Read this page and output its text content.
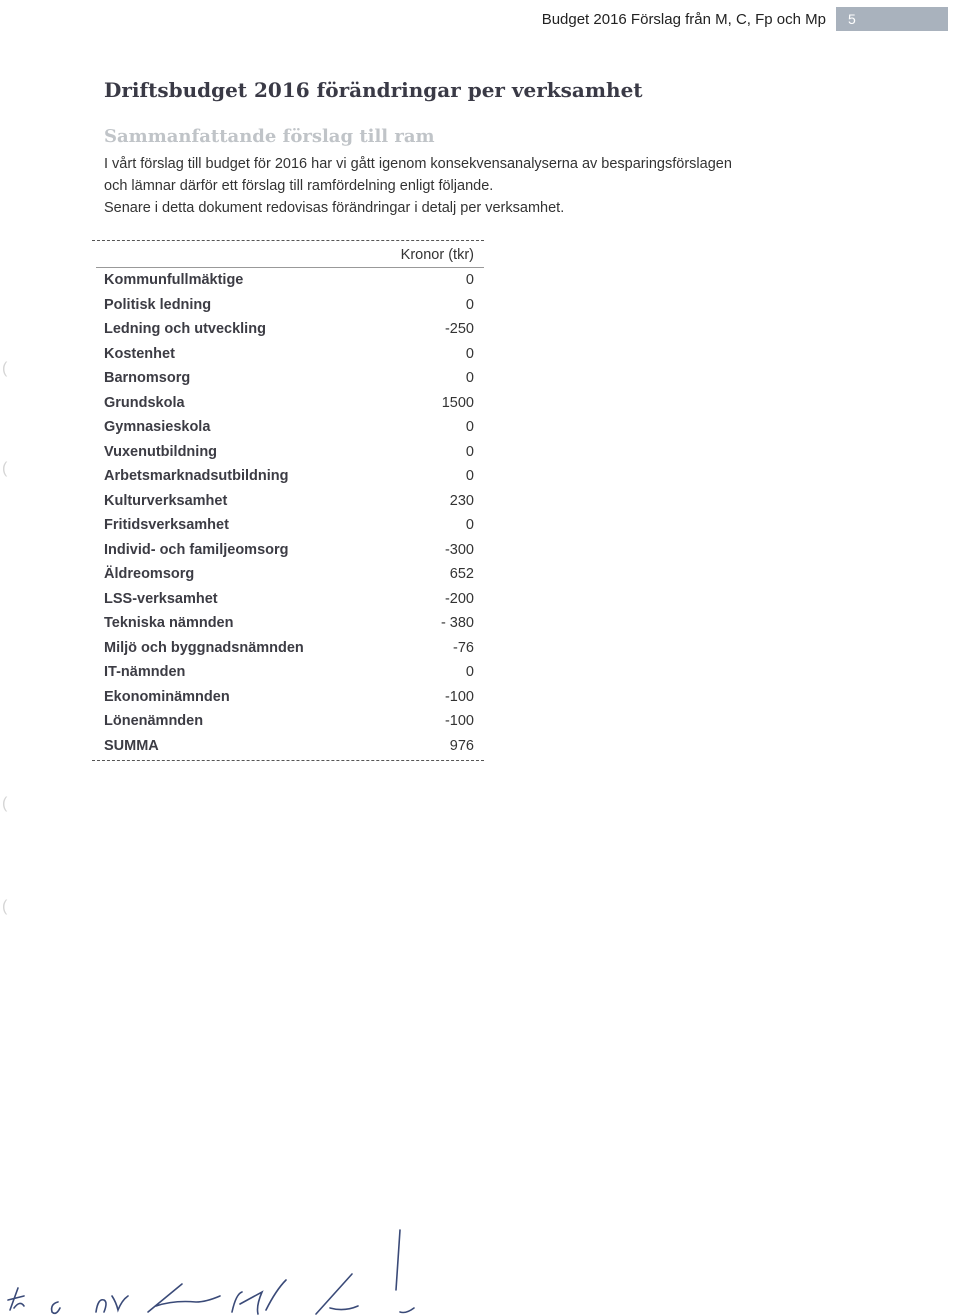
Budget 2016 Förslag från M, C, Fp och Mp	5
Driftsbudget 2016 förändringar per verksamhet
Sammanfattande förslag till ram

I vårt förslag till budget för 2016 har vi gått igenom konsekvensanalyserna av besparingsförslagen

och lämnar därför ett förslag till ramfördelning enligt följande.

Senare i detta dokument redovisas förändringar i detalj per verksamhet.

Kronor (tkr)
Kommunfullmäktige	0
Politisk ledning	0
Ledning och utveckling	-250
Kostenhet	0
Barnomsorg	0
Grundskola	1500
Gymnasieskola	0
Vuxenutbildning	0
Arbetsmarknadsutbildning	0
Kulturverksamhet	230
Fritidsverksamhet	0
Individ- och familjeomsorg	-300
Äldreomsorg	652
LSS-verksamhet	-200
Tekniska nämnden	- 380
Miljö och byggnadsnämnden	-76
IT-nämnden	0
Ekonominämnden	-100
Lönenämnden	-100
SUMMA	976
(
(
(
(
